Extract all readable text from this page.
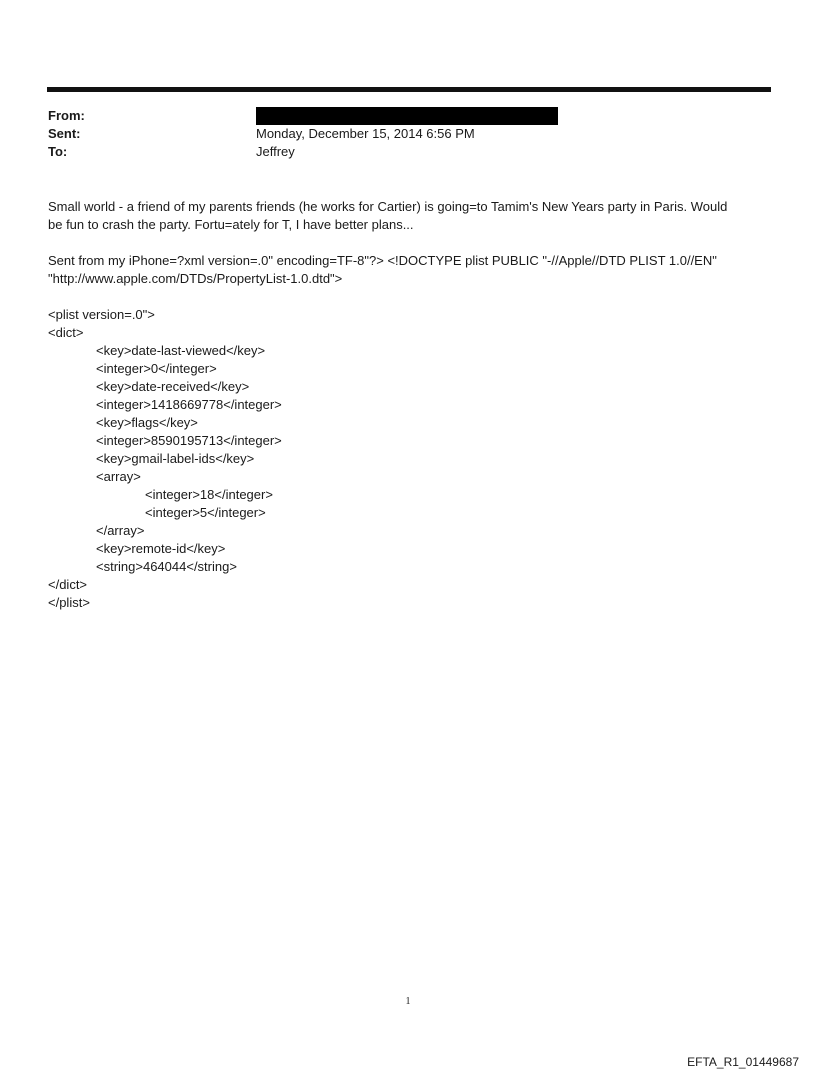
From:
Sent:	Monday, December 15, 2014 6:56 PM
To:	Jeffrey
Small world - a friend of my parents friends (he works for Cartier) is going=to Tamim's New Years party in Paris. Would
be fun to crash the party. Fortu=ately for T, I have better plans...
Sent from my iPhone=?xml version=.0" encoding=TF-8"?> <!DOCTYPE plist PUBLIC "-//Apple//DTD PLIST 1.0//EN"
"http://www.apple.com/DTDs/PropertyList-1.0.dtd">
<plist version=.0">
<dict>
<key>date-last-viewed</key>
<integer>0</integer>
<key>date-received</key>
<integer>1418669778</integer>
<key>flags</key>
<integer>8590195713</integer>
<key>gmail-label-ids</key>
<array>
<integer>18</integer>
<integer>5</integer>
</array>
<key>remote-id</key>
<string>464044</string>
</dict>
</plist>
1
EFTA_R1_01449687
